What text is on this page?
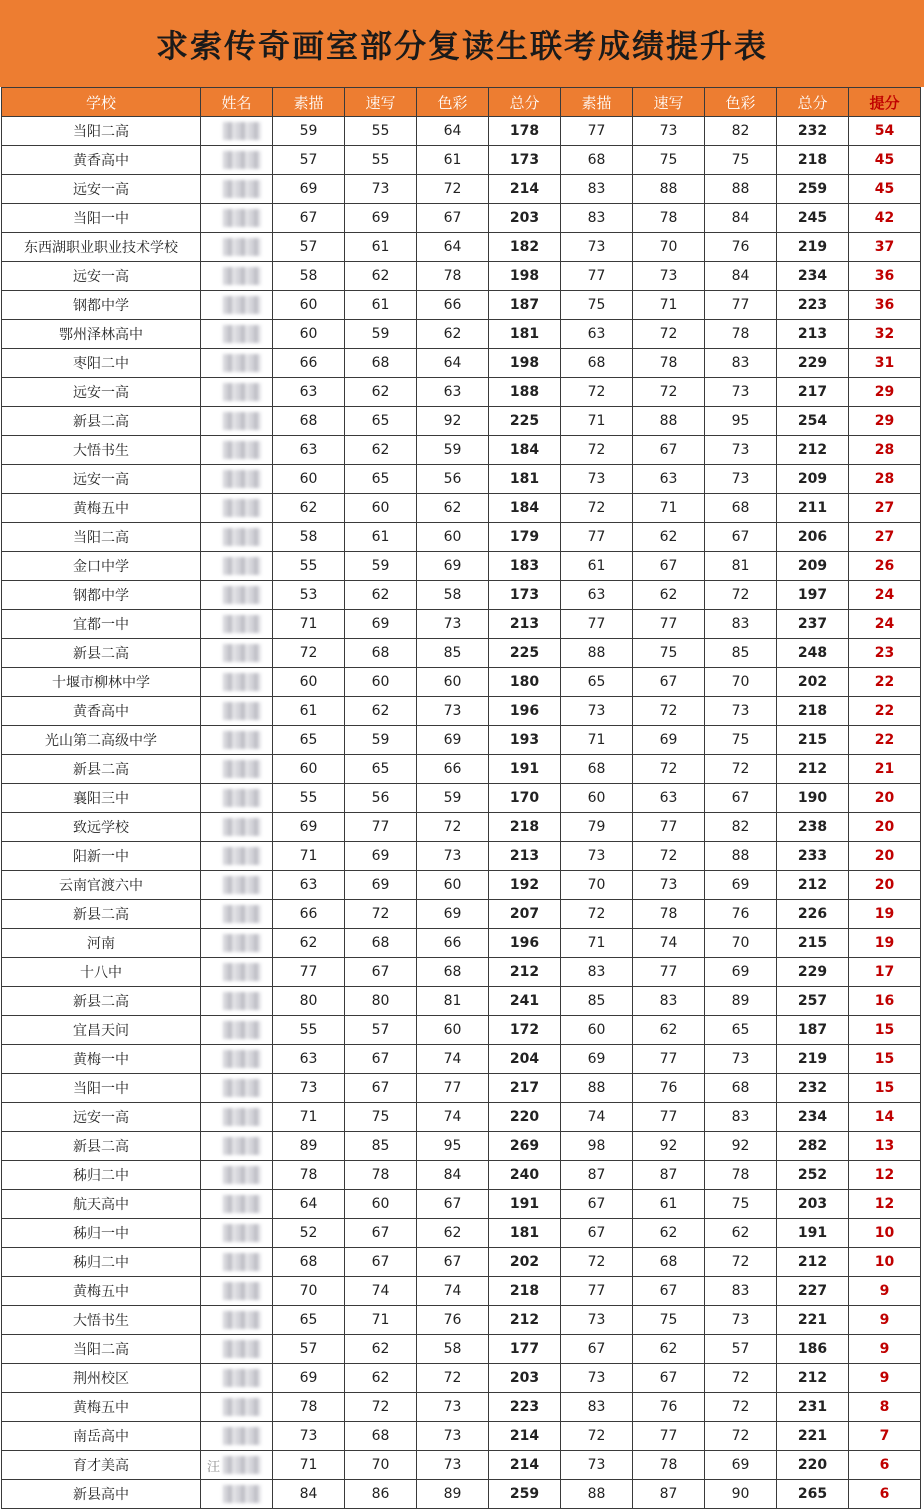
求索传奇画室部分复读生联考成绩提升表
学校	姓名	素描	速写	色彩	总分	素描	速写	色彩	总分	提分
当阳二高		59	55	64	178	77	73	82	232	54
黄香高中		57	55	61	173	68	75	75	218	45
远安一高		69	73	72	214	83	88	88	259	45
当阳一中		67	69	67	203	83	78	84	245	42
东西湖职业职业技术学校		57	61	64	182	73	70	76	219	37
远安一高		58	62	78	198	77	73	84	234	36
钢都中学		60	61	66	187	75	71	77	223	36
鄂州泽林高中		60	59	62	181	63	72	78	213	32
枣阳二中		66	68	64	198	68	78	83	229	31
远安一高		63	62	63	188	72	72	73	217	29
新县二高		68	65	92	225	71	88	95	254	29
大悟书生		63	62	59	184	72	67	73	212	28
远安一高		60	65	56	181	73	63	73	209	28
黄梅五中		62	60	62	184	72	71	68	211	27
当阳二高		58	61	60	179	77	62	67	206	27
金口中学		55	59	69	183	61	67	81	209	26
钢都中学		53	62	58	173	63	62	72	197	24
宜都一中		71	69	73	213	77	77	83	237	24
新县二高		72	68	85	225	88	75	85	248	23
十堰市柳林中学		60	60	60	180	65	67	70	202	22
黄香高中		61	62	73	196	73	72	73	218	22
光山第二高级中学		65	59	69	193	71	69	75	215	22
新县二高		60	65	66	191	68	72	72	212	21
襄阳三中		55	56	59	170	60	63	67	190	20
致远学校		69	77	72	218	79	77	82	238	20
阳新一中		71	69	73	213	73	72	88	233	20
云南官渡六中		63	69	60	192	70	73	69	212	20
新县二高		66	72	69	207	72	78	76	226	19
河南		62	68	66	196	71	74	70	215	19
十八中		77	67	68	212	83	77	69	229	17
新县二高		80	80	81	241	85	83	89	257	16
宜昌天问		55	57	60	172	60	62	65	187	15
黄梅一中		63	67	74	204	69	77	73	219	15
当阳一中		73	67	77	217	88	76	68	232	15
远安一高		71	75	74	220	74	77	83	234	14
新县二高		89	85	95	269	98	92	92	282	13
秭归二中		78	78	84	240	87	87	78	252	12
航天高中		64	60	67	191	67	61	75	203	12
秭归一中		52	67	62	181	67	62	62	191	10
秭归二中		68	67	67	202	72	68	72	212	10
黄梅五中		70	74	74	218	77	67	83	227	9
大悟书生		65	71	76	212	73	75	73	221	9
当阳二高		57	62	58	177	67	62	57	186	9
荆州校区		69	62	72	203	73	67	72	212	9
黄梅五中		78	72	73	223	83	76	72	231	8
南岳高中		73	68	73	214	72	77	72	221	7
育才美高	汪	71	70	73	214	73	78	69	220	6
新县高中		84	86	89	259	88	87	90	265	6
